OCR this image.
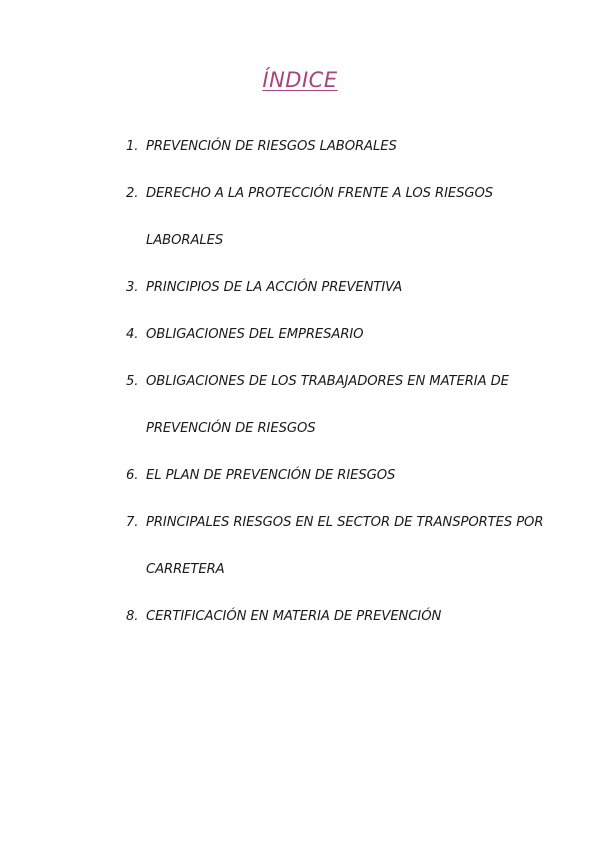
ÍNDICE
1. PREVENCIÓN DE RIESGOS LABORALES
2. DERECHO A LA PROTECCIÓN FRENTE A LOS RIESGOS LABORALES
3. PRINCIPIOS DE LA ACCIÓN PREVENTIVA
4. OBLIGACIONES DEL EMPRESARIO
5. OBLIGACIONES DE LOS TRABAJADORES EN MATERIA DE PREVENCIÓN DE RIESGOS
6. EL PLAN DE PREVENCIÓN DE RIESGOS
7. PRINCIPALES RIESGOS EN EL SECTOR DE TRANSPORTES POR CARRETERA
8. CERTIFICACIÓN EN MATERIA DE PREVENCIÓN
